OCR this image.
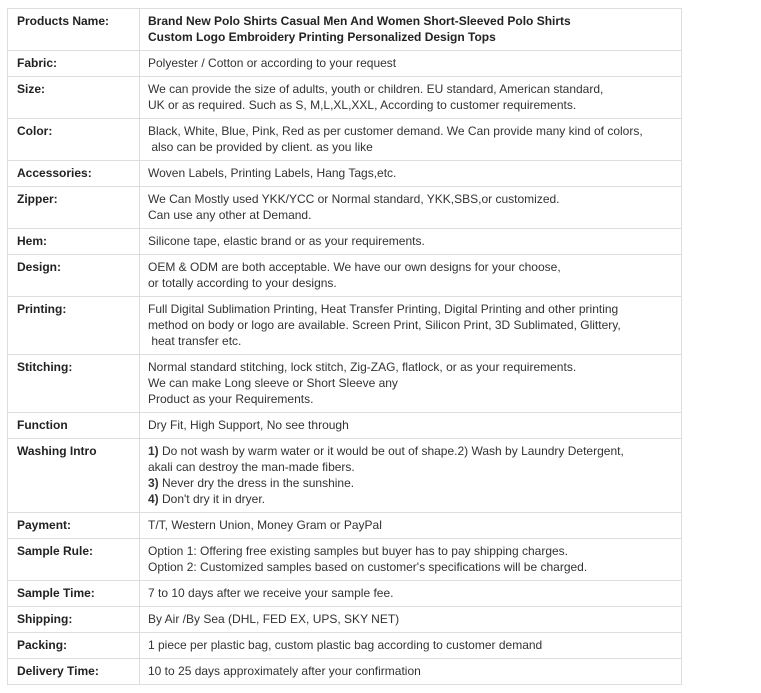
Products Name:	Brand New Polo Shirts Casual Men And Women Short-Sleeved Polo Shirts
Custom Logo Embroidery Printing Personalized Design Tops

Fabric:	Polyester / Cotton or according to your request

Size:	We can provide the size of adults, youth or children. EU standard, American standard,
UK or as required. Such as S, M,L,XL,XXL, According to customer requirements.

Color:	Black, White, Blue, Pink, Red as per customer demand. We Can provide many kind of colors,
also can be provided by client. as you like

Accessories:	Woven Labels, Printing Labels, Hang Tags,etc.

Zipper:	We Can Mostly used YKK/YCC or Normal standard, YKK,SBS,or customized.
Can use any other at Demand.

Hem:	Silicone tape, elastic brand or as your requirements.

Design:	OEM & ODM are both acceptable. We have our own designs for your choose,
or totally according to your designs.

Printing:	Full Digital Sublimation Printing, Heat Transfer Printing, Digital Printing and other printing
method on body or logo are available. Screen Print, Silicon Print, 3D Sublimated, Glittery,
heat transfer etc.

Stitching:	Normal standard stitching, lock stitch, Zig-ZAG, flatlock, or as your requirements.
We can make Long sleeve or Short Sleeve any
Product as your Requirements.

Function	Dry Fit, High Support, No see through

Washing Intro	1) Do not wash by warm water or it would be out of shape.2) Wash by Laundry Detergent,
akali can destroy the man-made fibers.
3) Never dry the dress in the sunshine.
4) Don't dry it in dryer.

Payment:	T/T, Western Union, Money Gram or PayPal

Sample Rule:	Option 1: Offering free existing samples but buyer has to pay shipping charges.
Option 2: Customized samples based on customer's specifications will be charged.

Sample Time:	7 to 10 days after we receive your sample fee.

Shipping:	By Air /By Sea (DHL, FED EX, UPS, SKY NET)

Packing:	1 piece per plastic bag, custom plastic bag according to customer demand

Delivery Time:	10 to 25 days approximately after your confirmation
